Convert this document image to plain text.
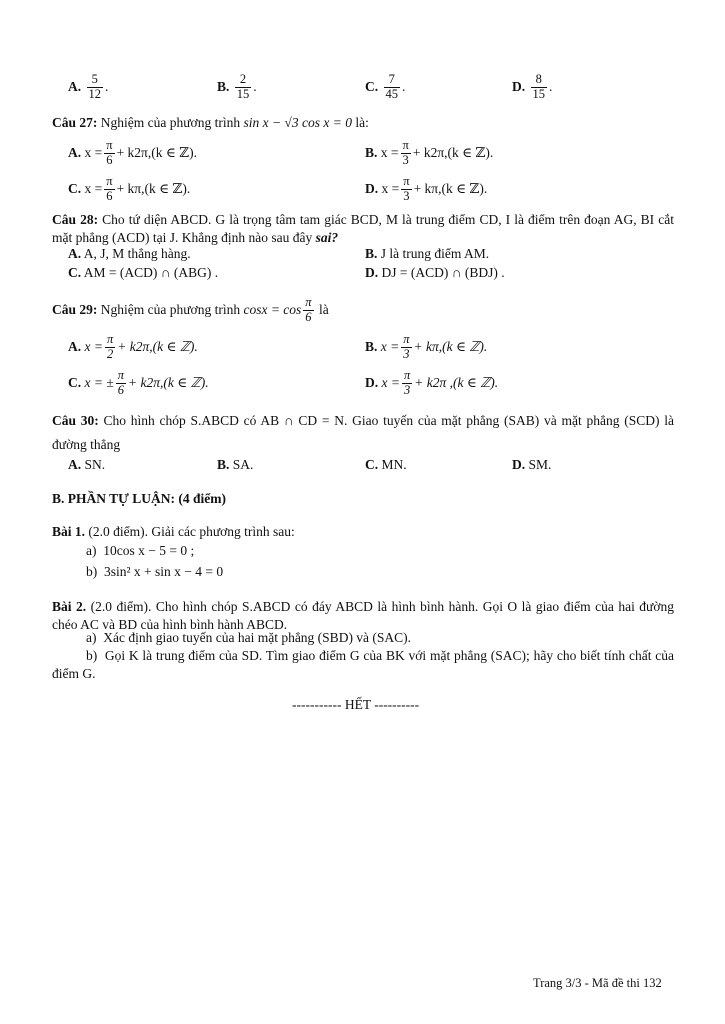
A.
$\frac{5}{12}$ .	B.
$\frac{2}{15}$ .	C.
$\frac{7}{45}$ .	D.
$\frac{8}{15}$ .
Câu 27: Nghiệm của phương trình sin x − √3 cos x = 0 là:
A.
$x = \frac{\pi}{6} + k2\pi$, (k ∈ ℤ) .	B.
$x = \frac{\pi}{3} + k2\pi$, (k ∈ ℤ) .
C.
$x = \frac{\pi}{6} + k\pi$, (k ∈ ℤ) .	D.
$x = \frac{\pi}{3} + k\pi$, (k ∈ ℤ) .
Câu 28: Cho tứ diện ABCD. G là trọng tâm tam giác BCD, M là trung điểm CD, I là điểm trên đoạn AG, BI cắt mặt phẳng (ACD) tại J. Khẳng định nào sau đây sai?
A. A, J, M thẳng hàng.	B. J là trung điểm AM.
C. AM = (ACD) ∩ (ABG) .	D. DJ = (ACD) ∩ (BDJ) .
Câu 29:
Nghiệm của phương trình
$\cos x = \cos \frac{\pi}{6}$
là
A.
$x = \frac{\pi}{2} + k2\pi$, (k ∈ ℤ) .	B.
$x = \frac{\pi}{3} + k\pi$, (k ∈ ℤ) .
C.
x = ± $\frac{\pi}{6} + k2\pi$, (k ∈ ℤ) .	D.
$x = \frac{\pi}{3} + k2\pi$ , (k ∈ ℤ) .
Câu 30: Cho hình chóp S.ABCD có AB ∩ CD = N. Giao tuyến của mặt phẳng (SAB) và mặt phẳng (SCD) là đường thẳng
A. SN.	B. SA.	C. MN.	D. SM.
B. PHẦN TỰ LUẬN: (4 điểm)
Bài 1. (2.0 điểm). Giải các phương trình sau:
a) 10cos x − 5 = 0 ;
b) 3sin² x + sin x − 4 = 0
Bài 2. (2.0 điểm). Cho hình chóp S.ABCD có đáy ABCD là hình bình hành. Gọi O là giao điểm của hai đường chéo AC và BD của hình bình hành ABCD.
a) Xác định giao tuyến của hai mặt phẳng (SBD) và (SAC).
b) Gọi K là trung điểm của SD. Tìm giao điểm G của BK với mặt phẳng (SAC); hãy cho biết tính chất của điểm G.
----------- HẾT ----------
Trang 3/3 - Mã đề thi 132
